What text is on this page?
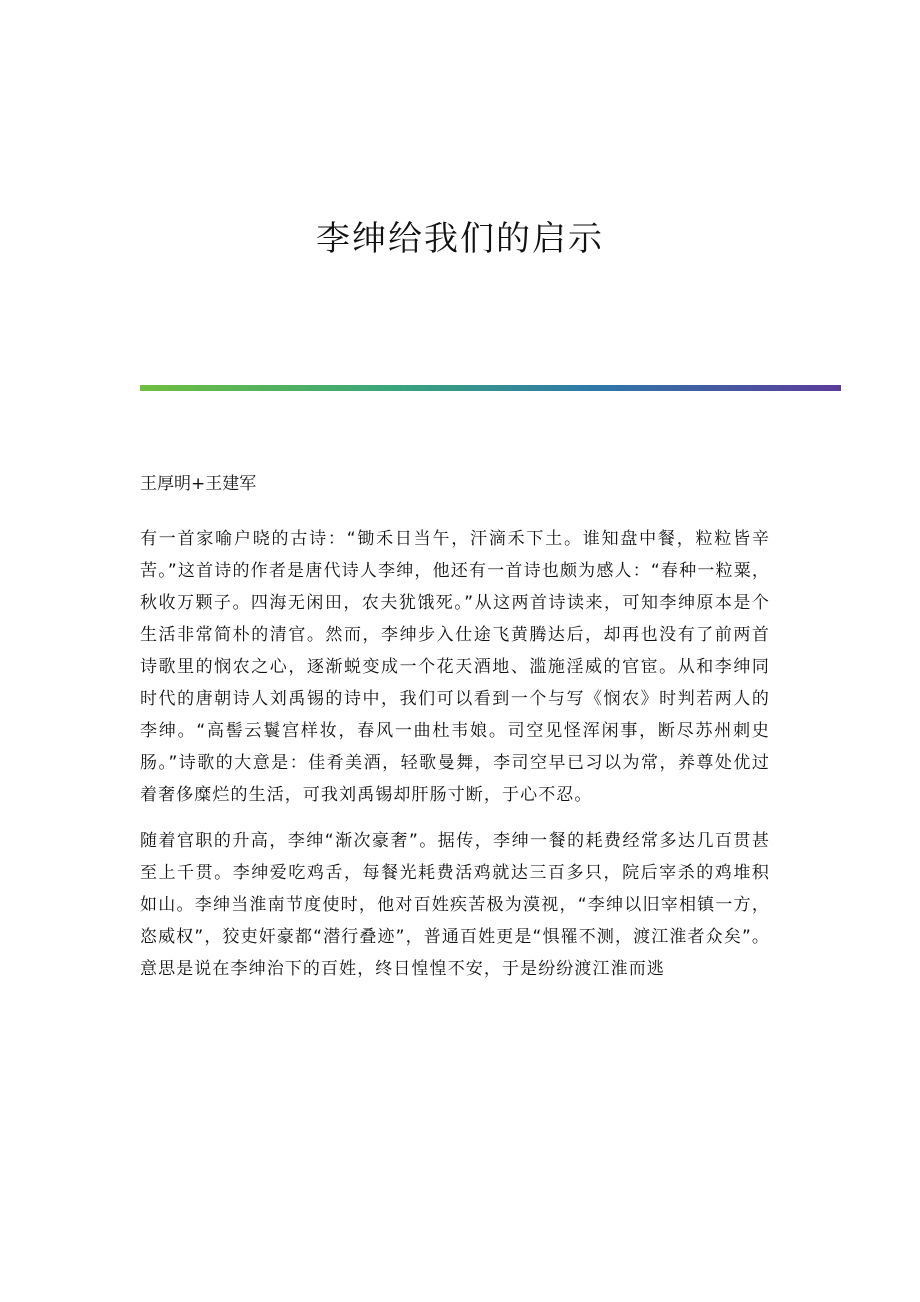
李绅给我们的启示

王厚明+王建军

有一首家喻户晓的古诗：“锄禾日当午，汗滴禾下土。谁知盘中餐，粒粒皆辛苦。”这首诗的作者是唐代诗人李绅，他还有一首诗也颇为感人：“春种一粒粟，秋收万颗子。四海无闲田，农夫犹饿死。”从这两首诗读来，可知李绅原本是个生活非常简朴的清官。然而，李绅步入仕途飞黄腾达后，却再也没有了前两首诗歌里的悯农之心，逐渐蜕变成一个花天酒地、滥施淫威的官宦。从和李绅同时代的唐朝诗人刘禹锡的诗中，我们可以看到一个与写《悯农》时判若两人的李绅。“高髻云鬟宫样妆，春风一曲杜韦娘。司空见怪浑闲事，断尽苏州刺史肠。”诗歌的大意是：佳肴美酒，轻歌曼舞，李司空早已习以为常，养尊处优过着奢侈糜烂的生活，可我刘禹锡却肝肠寸断，于心不忍。

随着官职的升高，李绅“渐次豪奢”。据传，李绅一餐的耗费经常多达几百贯甚至上千贯。李绅爱吃鸡舌，每餐光耗费活鸡就达三百多只，院后宰杀的鸡堆积如山。李绅当淮南节度使时，他对百姓疾苦极为漠视，“李绅以旧宰相镇一方，恣威权”，狡吏奸豪都“潜行叠迹”，普通百姓更是“惧罹不测，渡江淮者众矣”。意思是说在李绅治下的百姓，终日惶惶不安，于是纷纷渡江淮而逃
